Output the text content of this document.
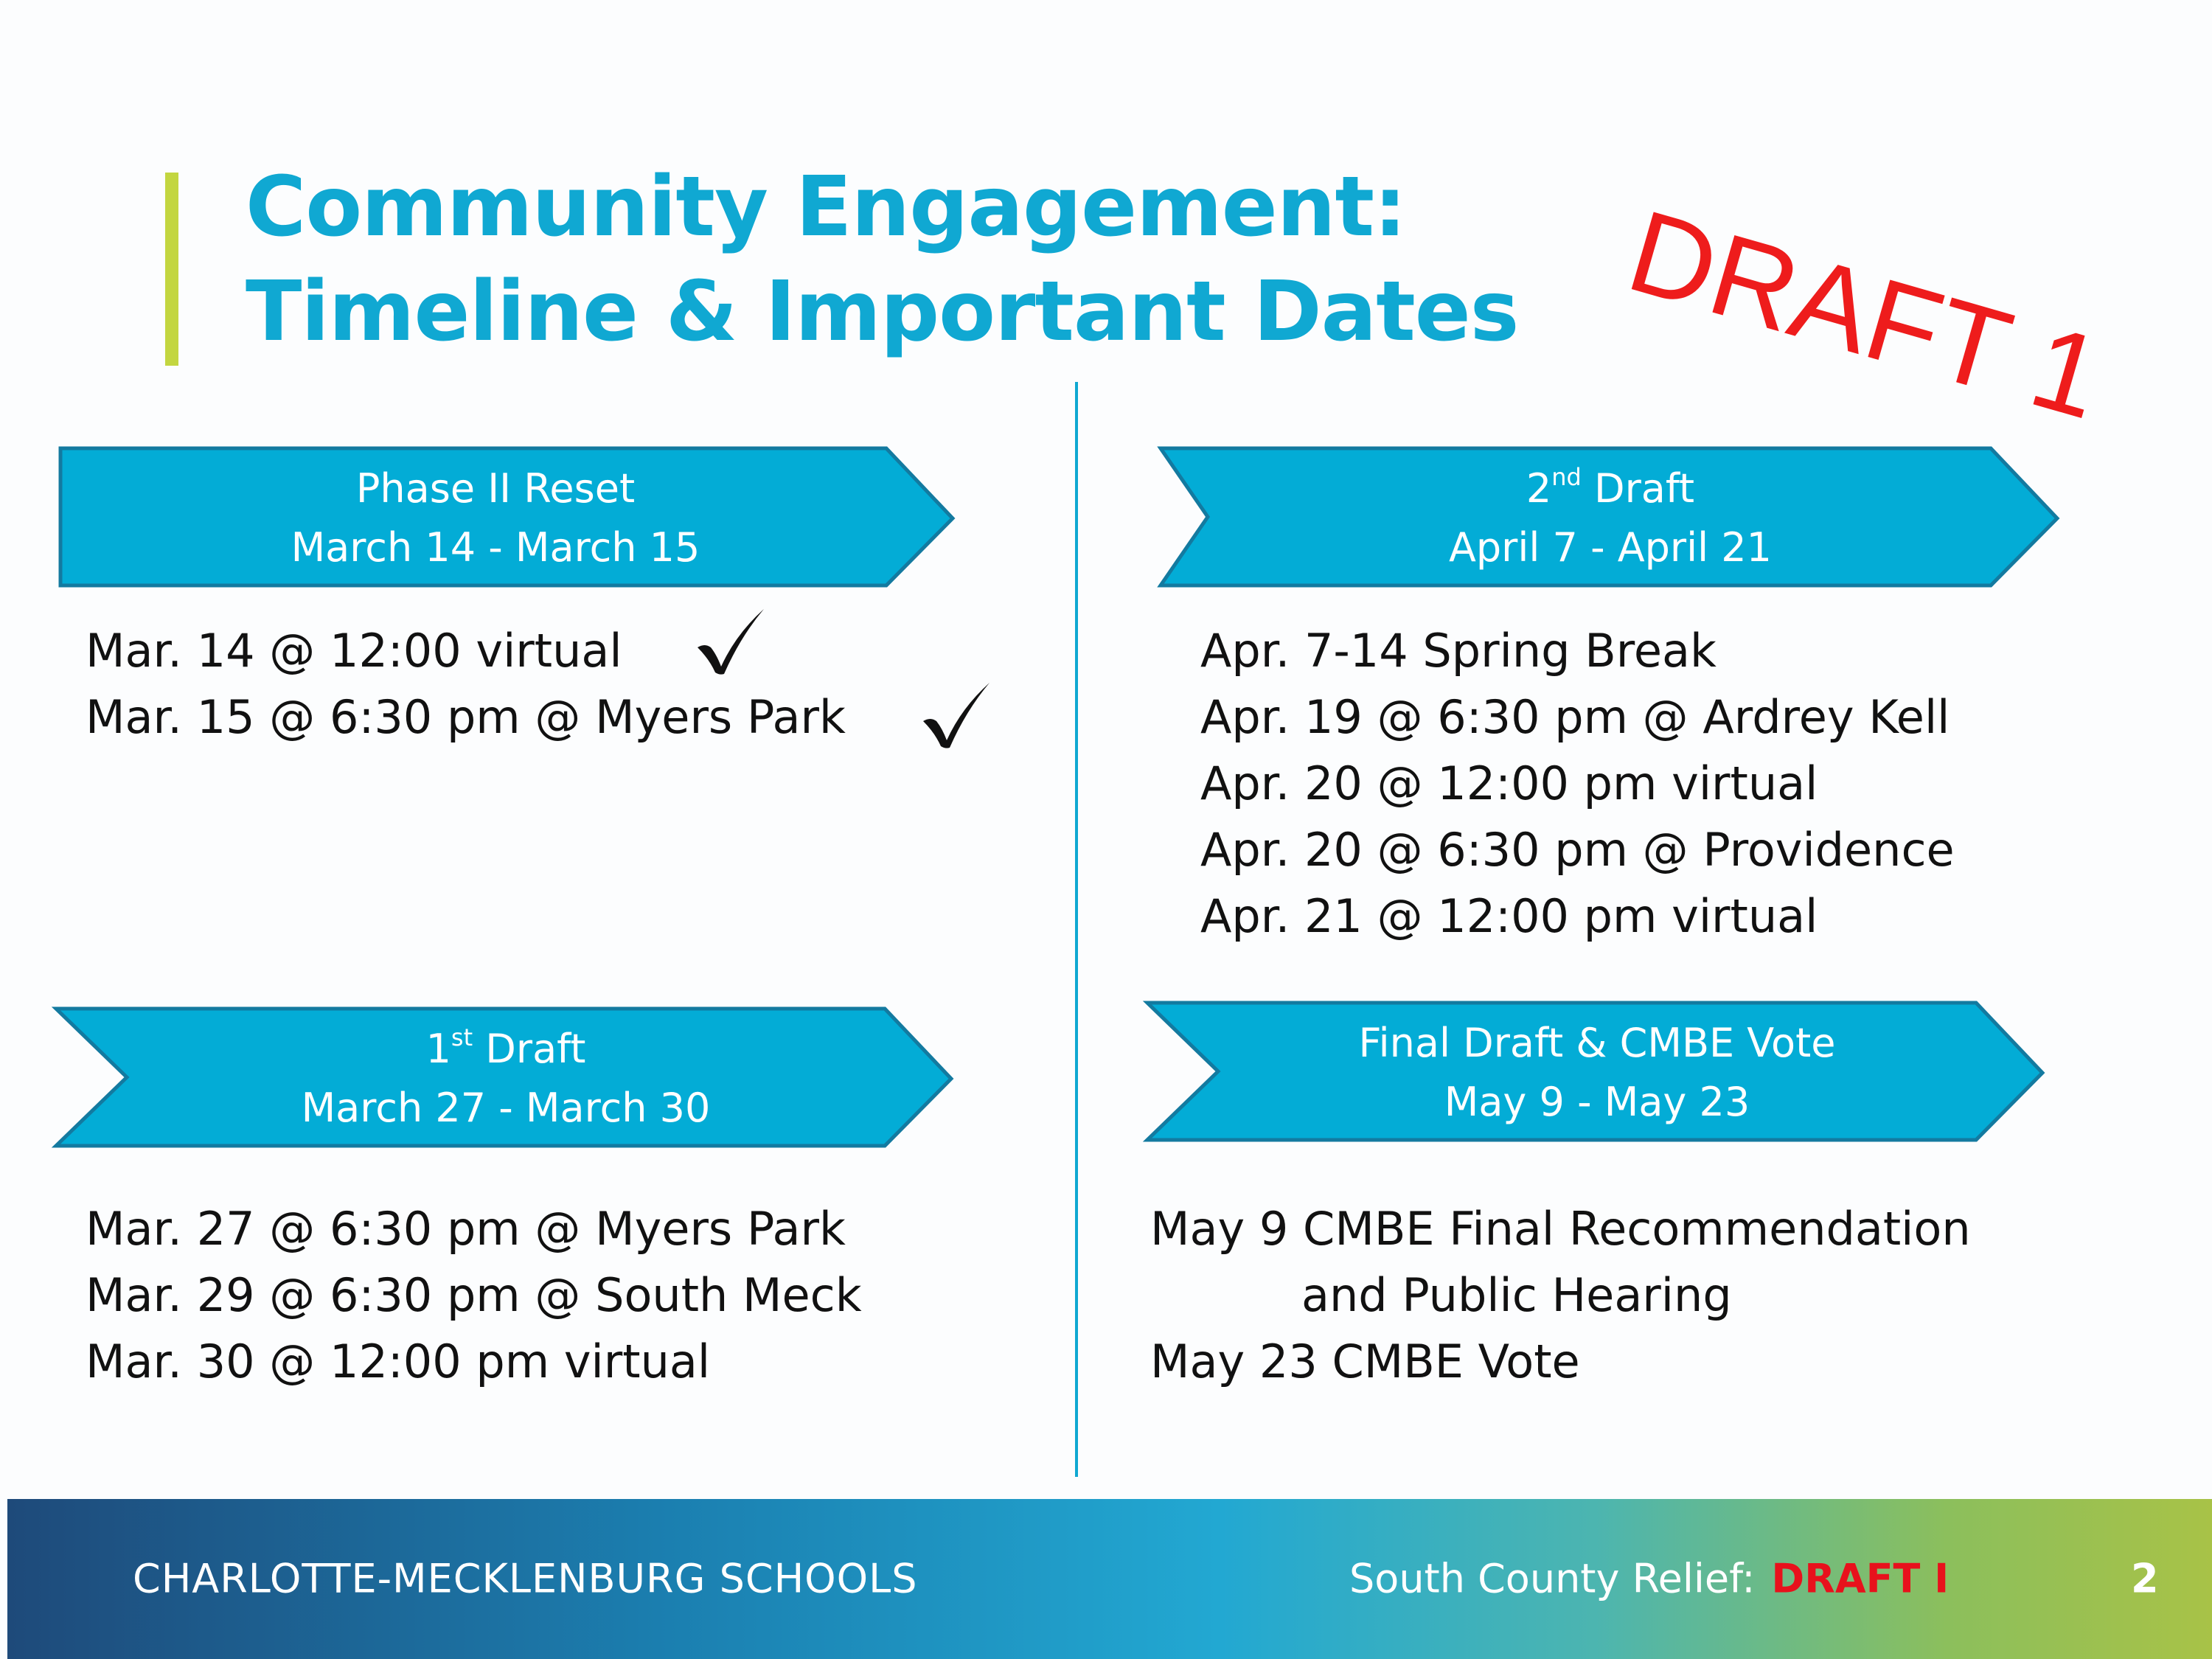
Community Engagement:
Timeline & Important Dates DRAFT 1
Phase II Reset
March 14 - March 15
Mar. 14 @ 12:00 virtual
Mar. 15 @ 6:30 pm @ Myers Park
2nd Draft
April 7 - April 21
Apr. 7-14 Spring Break
Apr. 19 @ 6:30 pm @ Ardrey Kell
Apr. 20 @ 12:00 pm virtual
Apr. 20 @ 6:30 pm @ Providence
Apr. 21 @ 12:00 pm virtual
1st Draft
March 27 - March 30
Mar. 27 @ 6:30 pm @ Myers Park
Mar. 29 @ 6:30 pm @ South Meck
Mar. 30 @ 12:00 pm virtual
Final Draft & CMBE Vote
May 9 - May 23
May 9 CMBE Final Recommendation
and Public Hearing
May 23 CMBE Vote
CHARLOTTE-MECKLENBURG SCHOOLS	South County Relief: DRAFT I	2
